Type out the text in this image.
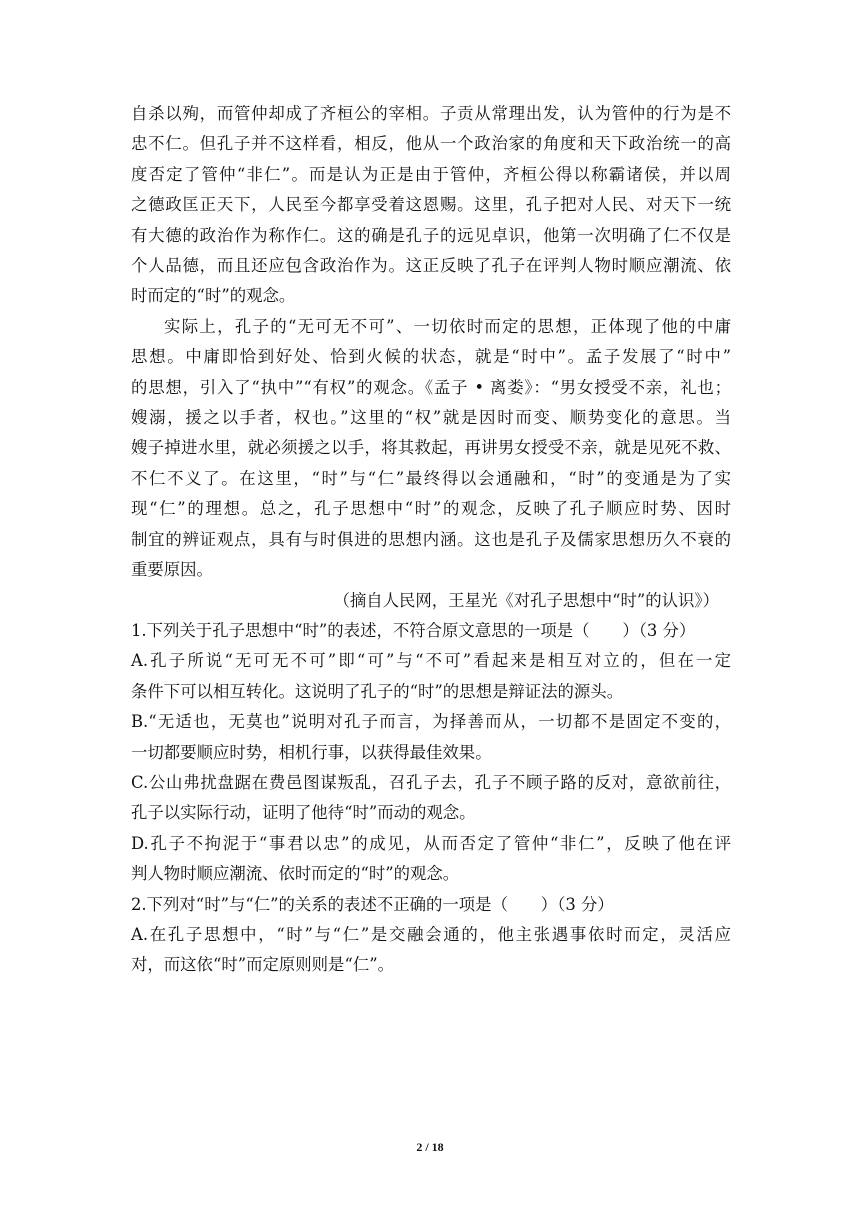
自杀以殉，而管仲却成了齐桓公的宰相。子贡从常理出发，认为管仲的行为是不
忠不仁。但孔子并不这样看，相反，他从一个政治家的角度和天下政治统一的高
度否定了管仲“非仁”。而是认为正是由于管仲，齐桓公得以称霸诸侯，并以周
之德政匡正天下，人民至今都享受着这恩赐。这里，孔子把对人民、对天下一统
有大德的政治作为称作仁。这的确是孔子的远见卓识，他第一次明确了仁不仅是
个人品德，而且还应包含政治作为。这正反映了孔子在评判人物时顺应潮流、依
时而定的“时”的观念。
实际上，孔子的“无可无不可”、一切依时而定的思想，正体现了他的中庸
思想。中庸即恰到好处、恰到火候的状态，就是“时中”。孟子发展了“时中”
的思想，引入了“执中”“有权”的观念。《孟子 • 离娄》：“男女授受不亲，礼也；
嫂溺，援之以手者，权也。”这里的“权”就是因时而变、顺势变化的意思。当
嫂子掉进水里，就必须援之以手，将其救起，再讲男女授受不亲，就是见死不救、
不仁不义了。在这里，“时”与“仁”最终得以会通融和，“时”的变通是为了实
现“仁”的理想。总之，孔子思想中“时”的观念，反映了孔子顺应时势、因时
制宜的辨证观点，具有与时俱进的思想内涵。这也是孔子及儒家思想历久不衰的
重要原因。
（摘自人民网，王星光《对孔子思想中“时”的认识》）
1.下列关于孔子思想中“时”的表述，不符合原文意思的一项是（　　）（3 分）
A.孔子所说“无可无不可”即“可”与“不可”看起来是相互对立的，但在一定
条件下可以相互转化。这说明了孔子的“时”的思想是辩证法的源头。
B.“无适也，无莫也”说明对孔子而言，为择善而从，一切都不是固定不变的，
一切都要顺应时势，相机行事，以获得最佳效果。
C.公山弗扰盘踞在费邑图谋叛乱，召孔子去，孔子不顾子路的反对，意欲前往，
孔子以实际行动，证明了他待“时”而动的观念。
D.孔子不拘泥于“事君以忠”的成见，从而否定了管仲“非仁”，反映了他在评
判人物时顺应潮流、依时而定的“时”的观念。
2.下列对“时”与“仁”的关系的表述不正确的一项是（　　）（3 分）
A.在孔子思想中，“时”与“仁”是交融会通的，他主张遇事依时而定，灵活应
对，而这依“时”而定原则则是“仁”。
2 / 18
